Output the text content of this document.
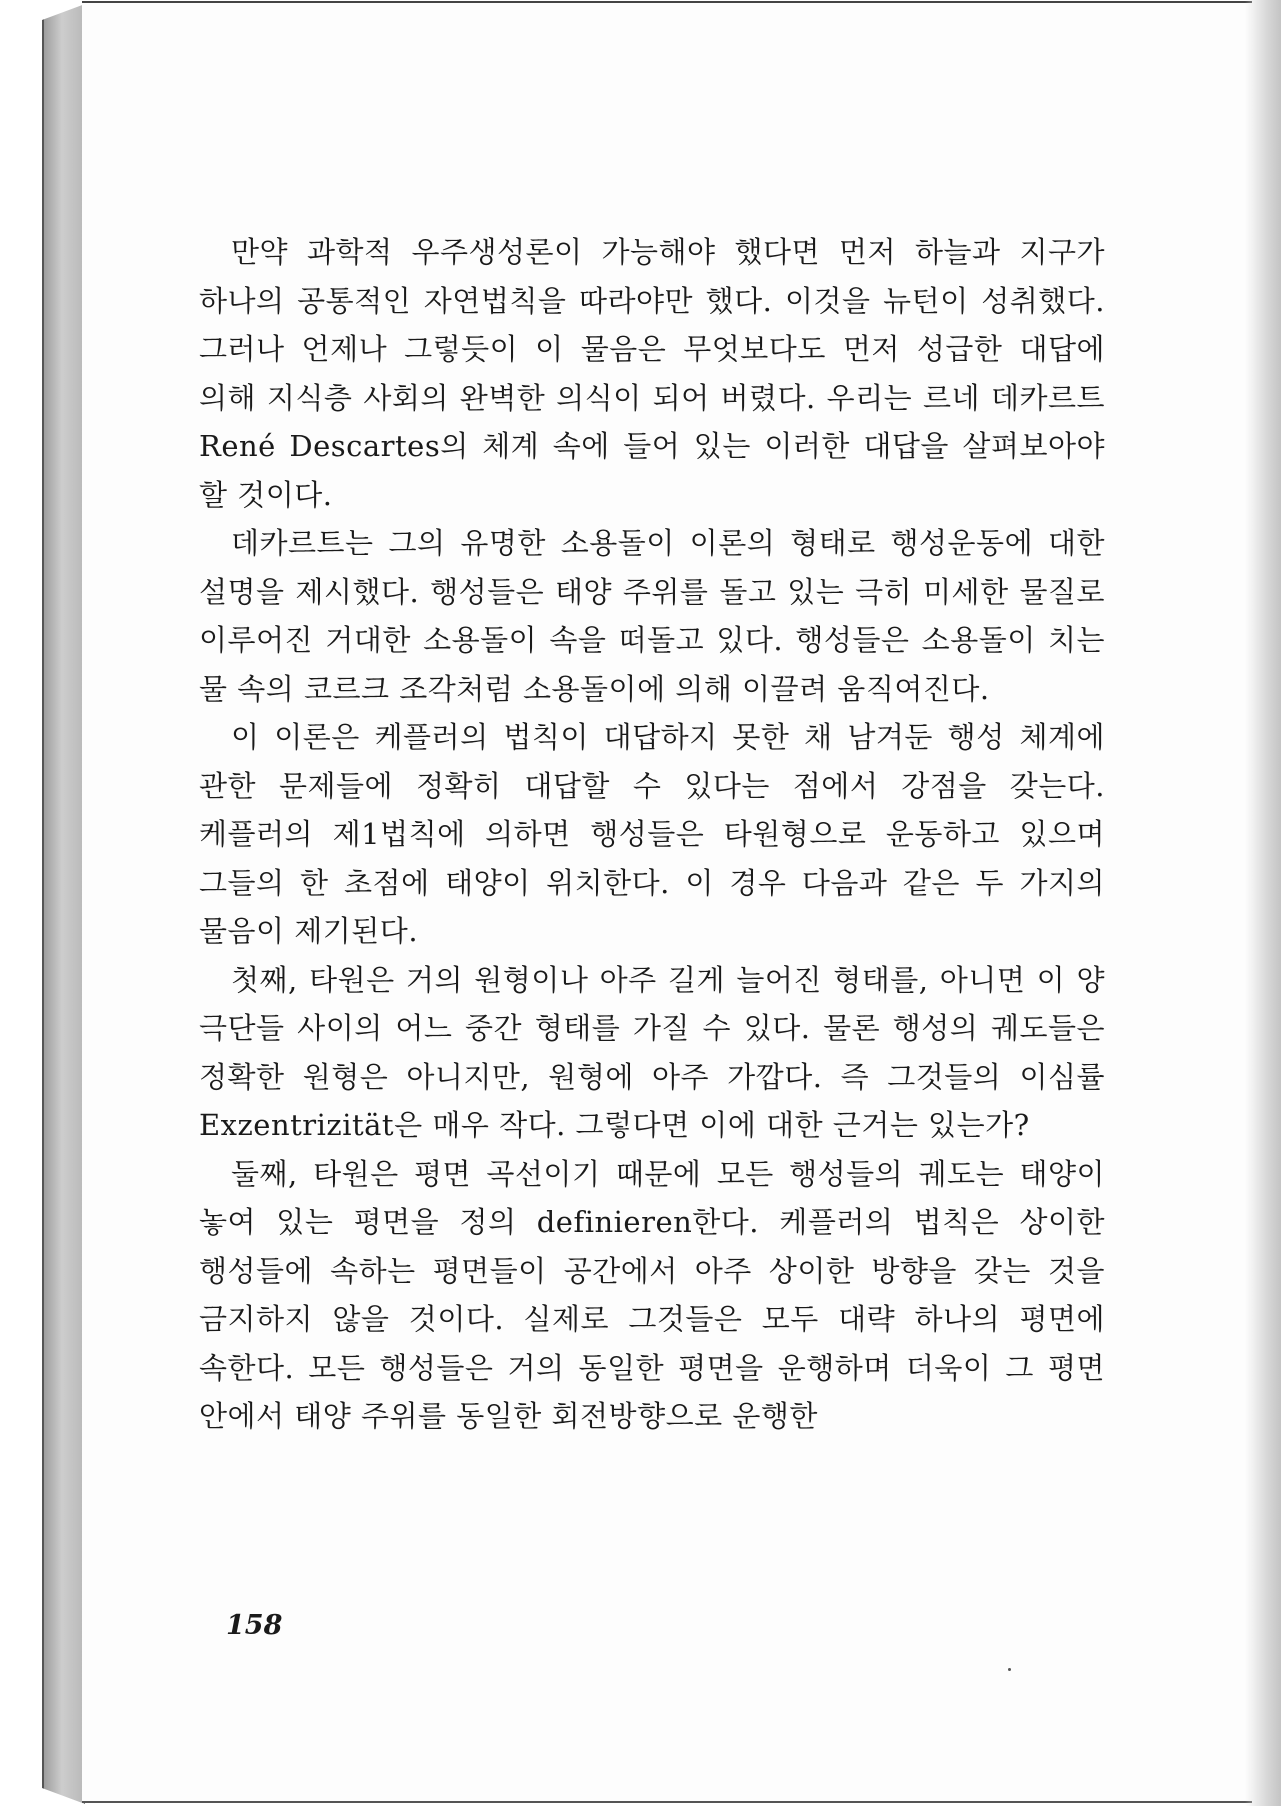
만약 과학적 우주생성론이 가능해야 했다면 먼저 하늘과 지구가 하나의 공통적인 자연법칙을 따라야만 했다. 이것을 뉴턴이 성취했다. 그러나 언제나 그렇듯이 이 물음은 무엇보다도 먼저 성급한 대답에 의해 지식층 사회의 완벽한 의식이 되어 버렸다. 우리는 르네 데카르트 René Descartes의 체계 속에 들어 있는 이러한 대답을 살펴보아야 할 것이다.

데카르트는 그의 유명한 소용돌이 이론의 형태로 행성운동에 대한 설명을 제시했다. 행성들은 태양 주위를 돌고 있는 극히 미세한 물질로 이루어진 거대한 소용돌이 속을 떠돌고 있다. 행성들은 소용돌이 치는 물 속의 코르크 조각처럼 소용돌이에 의해 이끌려 움직여진다.

이 이론은 케플러의 법칙이 대답하지 못한 채 남겨둔 행성 체계에 관한 문제들에 정확히 대답할 수 있다는 점에서 강점을 갖는다. 케플러의 제1법칙에 의하면 행성들은 타원형으로 운동하고 있으며 그들의 한 초점에 태양이 위치한다. 이 경우 다음과 같은 두 가지의 물음이 제기된다.

첫째, 타원은 거의 원형이나 아주 길게 늘어진 형태를, 아니면 이 양 극단들 사이의 어느 중간 형태를 가질 수 있다. 물론 행성의 궤도들은 정확한 원형은 아니지만, 원형에 아주 가깝다. 즉 그것들의 이심률 Exzentrizität은 매우 작다. 그렇다면 이에 대한 근거는 있는가?

둘째, 타원은 평면 곡선이기 때문에 모든 행성들의 궤도는 태양이 놓여 있는 평면을 정의 definieren한다. 케플러의 법칙은 상이한 행성들에 속하는 평면들이 공간에서 아주 상이한 방향을 갖는 것을 금지하지 않을 것이다. 실제로 그것들은 모두 대략 하나의 평면에 속한다. 모든 행성들은 거의 동일한 평면을 운행하며 더욱이 그 평면 안에서 태양 주위를 동일한 회전방향으로 운행한

158
